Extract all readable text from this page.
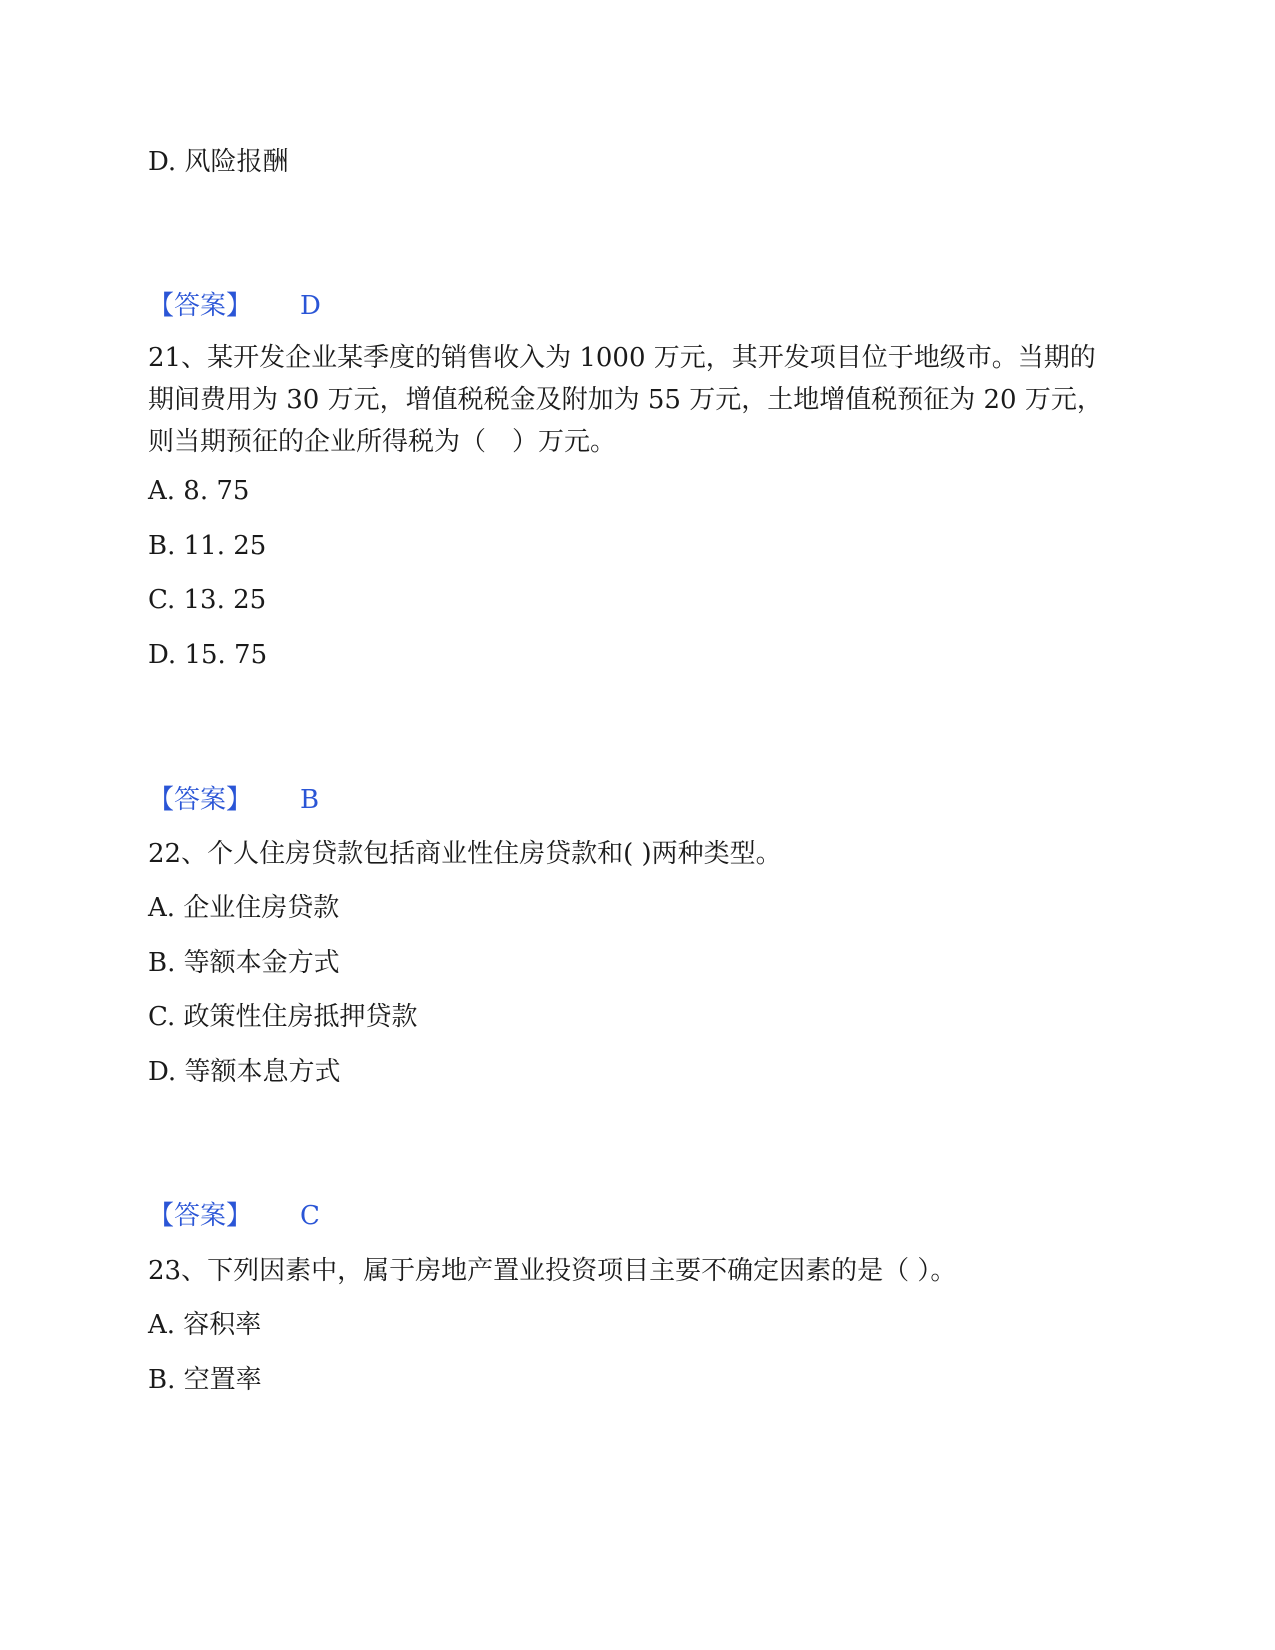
D. 风险报酬
【答案】 D
21、某开发企业某季度的销售收入为 1000 万元，其开发项目位于地级市。当期的期间费用为 30 万元，增值税税金及附加为 55 万元，土地增值税预征为 20 万元，则当期预征的企业所得税为（　）万元。
A. 8. 75
B. 11. 25
C. 13. 25
D. 15. 75
【答案】 B
22、个人住房贷款包括商业性住房贷款和( )两种类型。
A. 企业住房贷款
B. 等额本金方式
C. 政策性住房抵押贷款
D. 等额本息方式
【答案】 C
23、下列因素中，属于房地产置业投资项目主要不确定因素的是（ ）。
A. 容积率
B. 空置率
